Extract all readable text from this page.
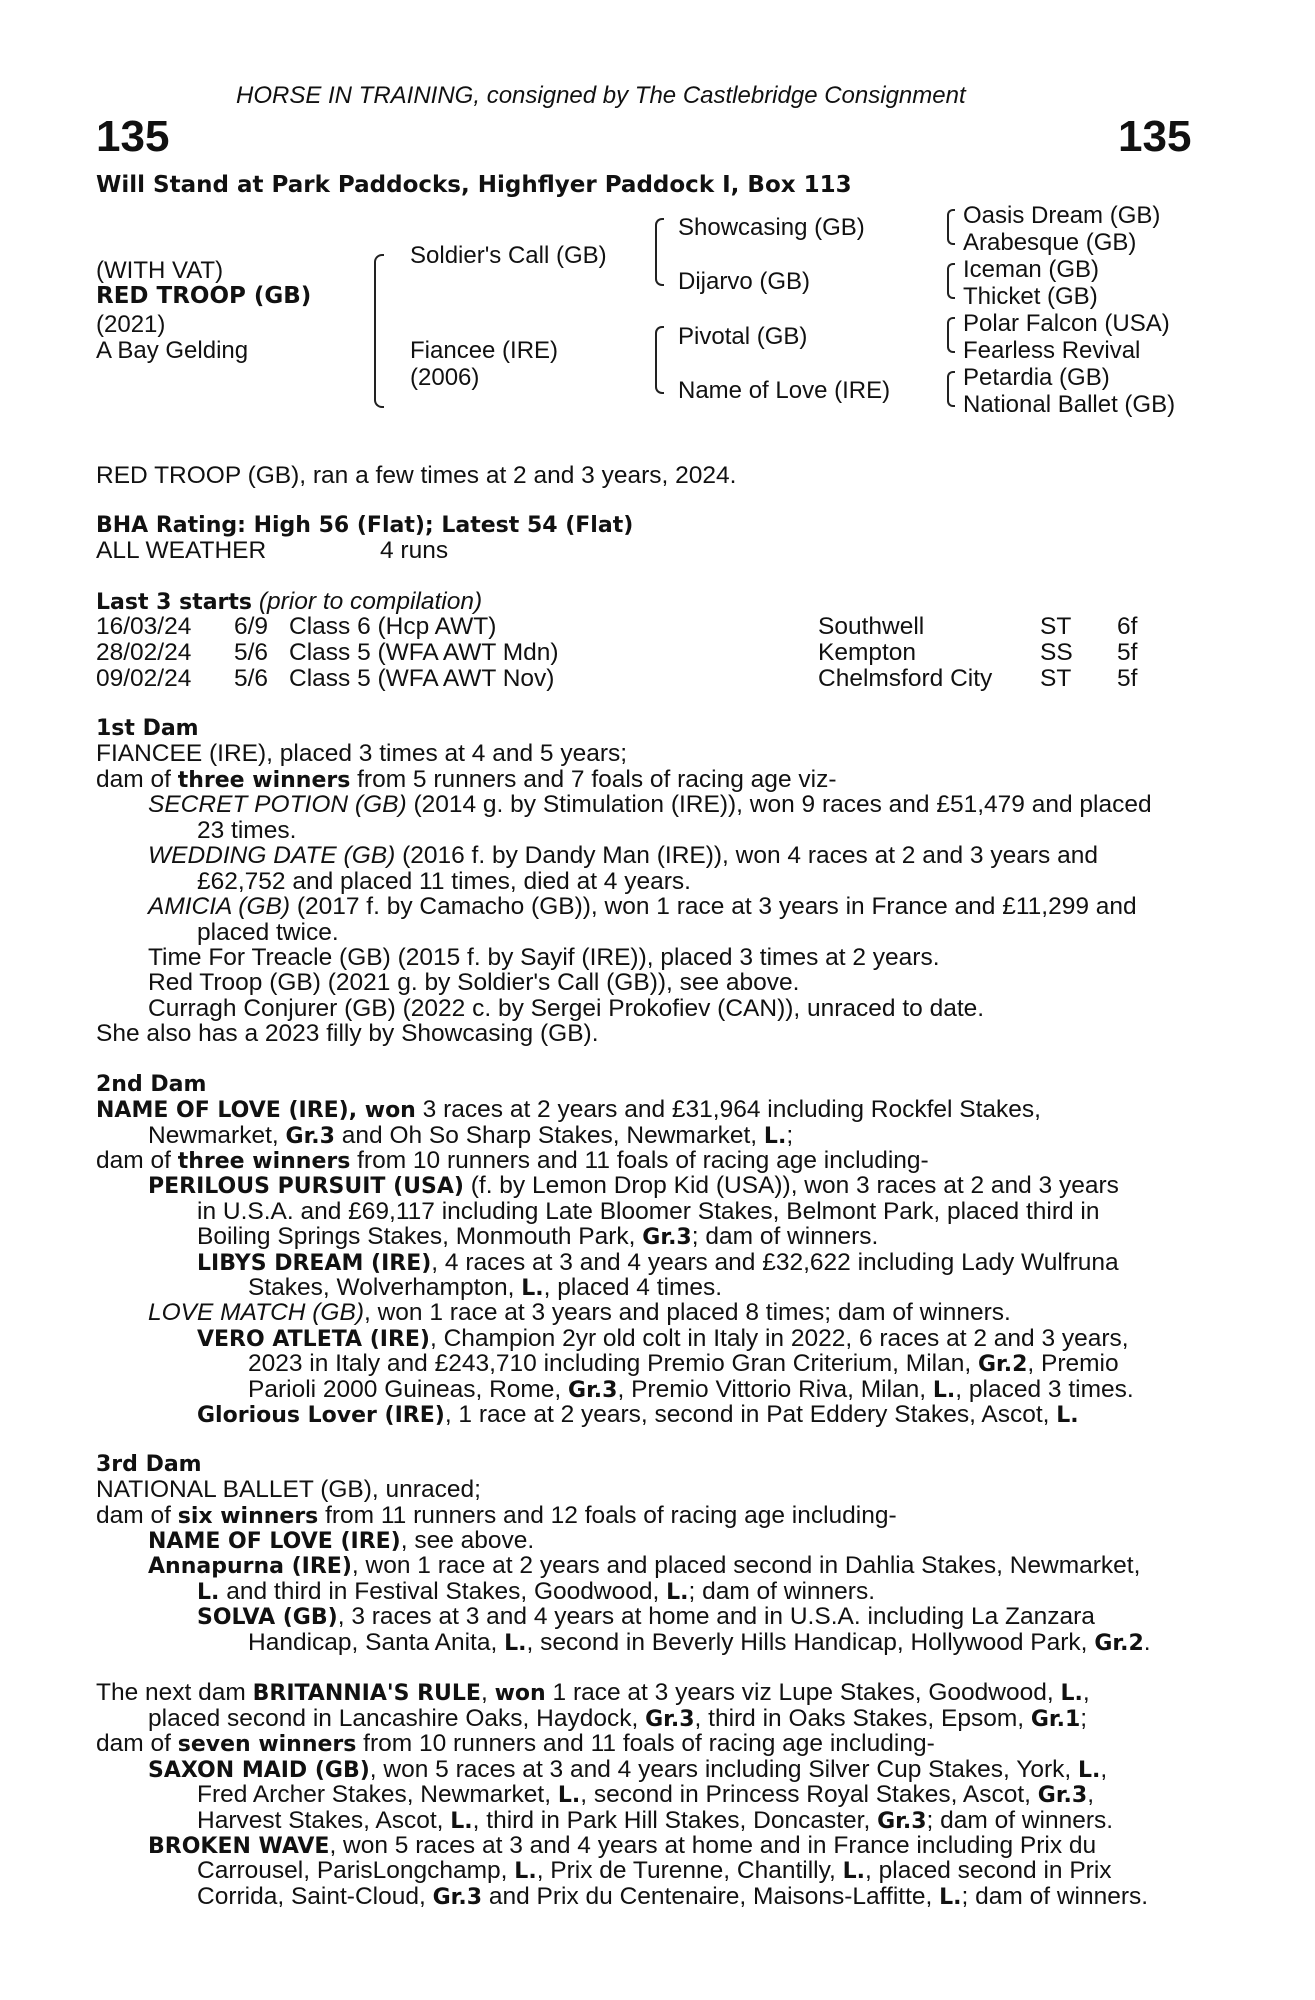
HORSE IN TRAINING, consigned by The Castlebridge Consignment
135	135
Will Stand at Park Paddocks, Highflyer Paddock I, Box 113
(WITH VAT)
RED TROOP (GB)
(2021)
A Bay Gelding
Soldier's Call (GB)
Fiancee (IRE)
(2006)
Showcasing (GB)
Dijarvo (GB)
Pivotal (GB)
Name of Love (IRE)
Oasis Dream (GB)
Arabesque (GB)
Iceman (GB)
Thicket (GB)
Polar Falcon (USA)
Fearless Revival
Petardia (GB)
National Ballet (GB)
RED TROOP (GB), ran a few times at 2 and 3 years, 2024.
BHA Rating: High 56 (Flat); Latest 54 (Flat)
ALL WEATHER	4 runs
Last 3 starts (prior to compilation)
16/03/24 6/9 Class 6 (Hcp AWT)	Southwell	ST 6f
28/02/24 5/6 Class 5 (WFA AWT Mdn)	Kempton	SS 5f
09/02/24 5/6 Class 5 (WFA AWT Nov)	Chelmsford City ST 5f
1st Dam
FIANCEE (IRE), placed 3 times at 4 and 5 years;
dam of three winners from 5 runners and 7 foals of racing age viz-
SECRET POTION (GB) (2014 g. by Stimulation (IRE)), won 9 races and £51,479 and placed
23 times.
WEDDING DATE (GB) (2016 f. by Dandy Man (IRE)), won 4 races at 2 and 3 years and
£62,752 and placed 11 times, died at 4 years.
AMICIA (GB) (2017 f. by Camacho (GB)), won 1 race at 3 years in France and £11,299 and
placed twice.
Time For Treacle (GB) (2015 f. by Sayif (IRE)), placed 3 times at 2 years.
Red Troop (GB) (2021 g. by Soldier's Call (GB)), see above.
Curragh Conjurer (GB) (2022 c. by Sergei Prokofiev (CAN)), unraced to date.
She also has a 2023 filly by Showcasing (GB).
2nd Dam
NAME OF LOVE (IRE), won 3 races at 2 years and £31,964 including Rockfel Stakes,
Newmarket, Gr.3 and Oh So Sharp Stakes, Newmarket, L.;
dam of three winners from 10 runners and 11 foals of racing age including-
PERILOUS PURSUIT (USA) (f. by Lemon Drop Kid (USA)), won 3 races at 2 and 3 years
in U.S.A. and £69,117 including Late Bloomer Stakes, Belmont Park, placed third in
Boiling Springs Stakes, Monmouth Park, Gr.3; dam of winners.
LIBYS DREAM (IRE), 4 races at 3 and 4 years and £32,622 including Lady Wulfruna
Stakes, Wolverhampton, L., placed 4 times.
LOVE MATCH (GB), won 1 race at 3 years and placed 8 times; dam of winners.
VERO ATLETA (IRE), Champion 2yr old colt in Italy in 2022, 6 races at 2 and 3 years,
2023 in Italy and £243,710 including Premio Gran Criterium, Milan, Gr.2, Premio
Parioli 2000 Guineas, Rome, Gr.3, Premio Vittorio Riva, Milan, L., placed 3 times.
Glorious Lover (IRE), 1 race at 2 years, second in Pat Eddery Stakes, Ascot, L.
3rd Dam
NATIONAL BALLET (GB), unraced;
dam of six winners from 11 runners and 12 foals of racing age including-
NAME OF LOVE (IRE), see above.
Annapurna (IRE), won 1 race at 2 years and placed second in Dahlia Stakes, Newmarket,
L. and third in Festival Stakes, Goodwood, L.; dam of winners.
SOLVA (GB), 3 races at 3 and 4 years at home and in U.S.A. including La Zanzara
Handicap, Santa Anita, L., second in Beverly Hills Handicap, Hollywood Park, Gr.2.
The next dam BRITANNIA'S RULE, won 1 race at 3 years viz Lupe Stakes, Goodwood, L.,
placed second in Lancashire Oaks, Haydock, Gr.3, third in Oaks Stakes, Epsom, Gr.1;
dam of seven winners from 10 runners and 11 foals of racing age including-
SAXON MAID (GB), won 5 races at 3 and 4 years including Silver Cup Stakes, York, L.,
Fred Archer Stakes, Newmarket, L., second in Princess Royal Stakes, Ascot, Gr.3,
Harvest Stakes, Ascot, L., third in Park Hill Stakes, Doncaster, Gr.3; dam of winners.
BROKEN WAVE, won 5 races at 3 and 4 years at home and in France including Prix du
Carrousel, ParisLongchamp, L., Prix de Turenne, Chantilly, L., placed second in Prix
Corrida, Saint-Cloud, Gr.3 and Prix du Centenaire, Maisons-Laffitte, L.; dam of winners.
